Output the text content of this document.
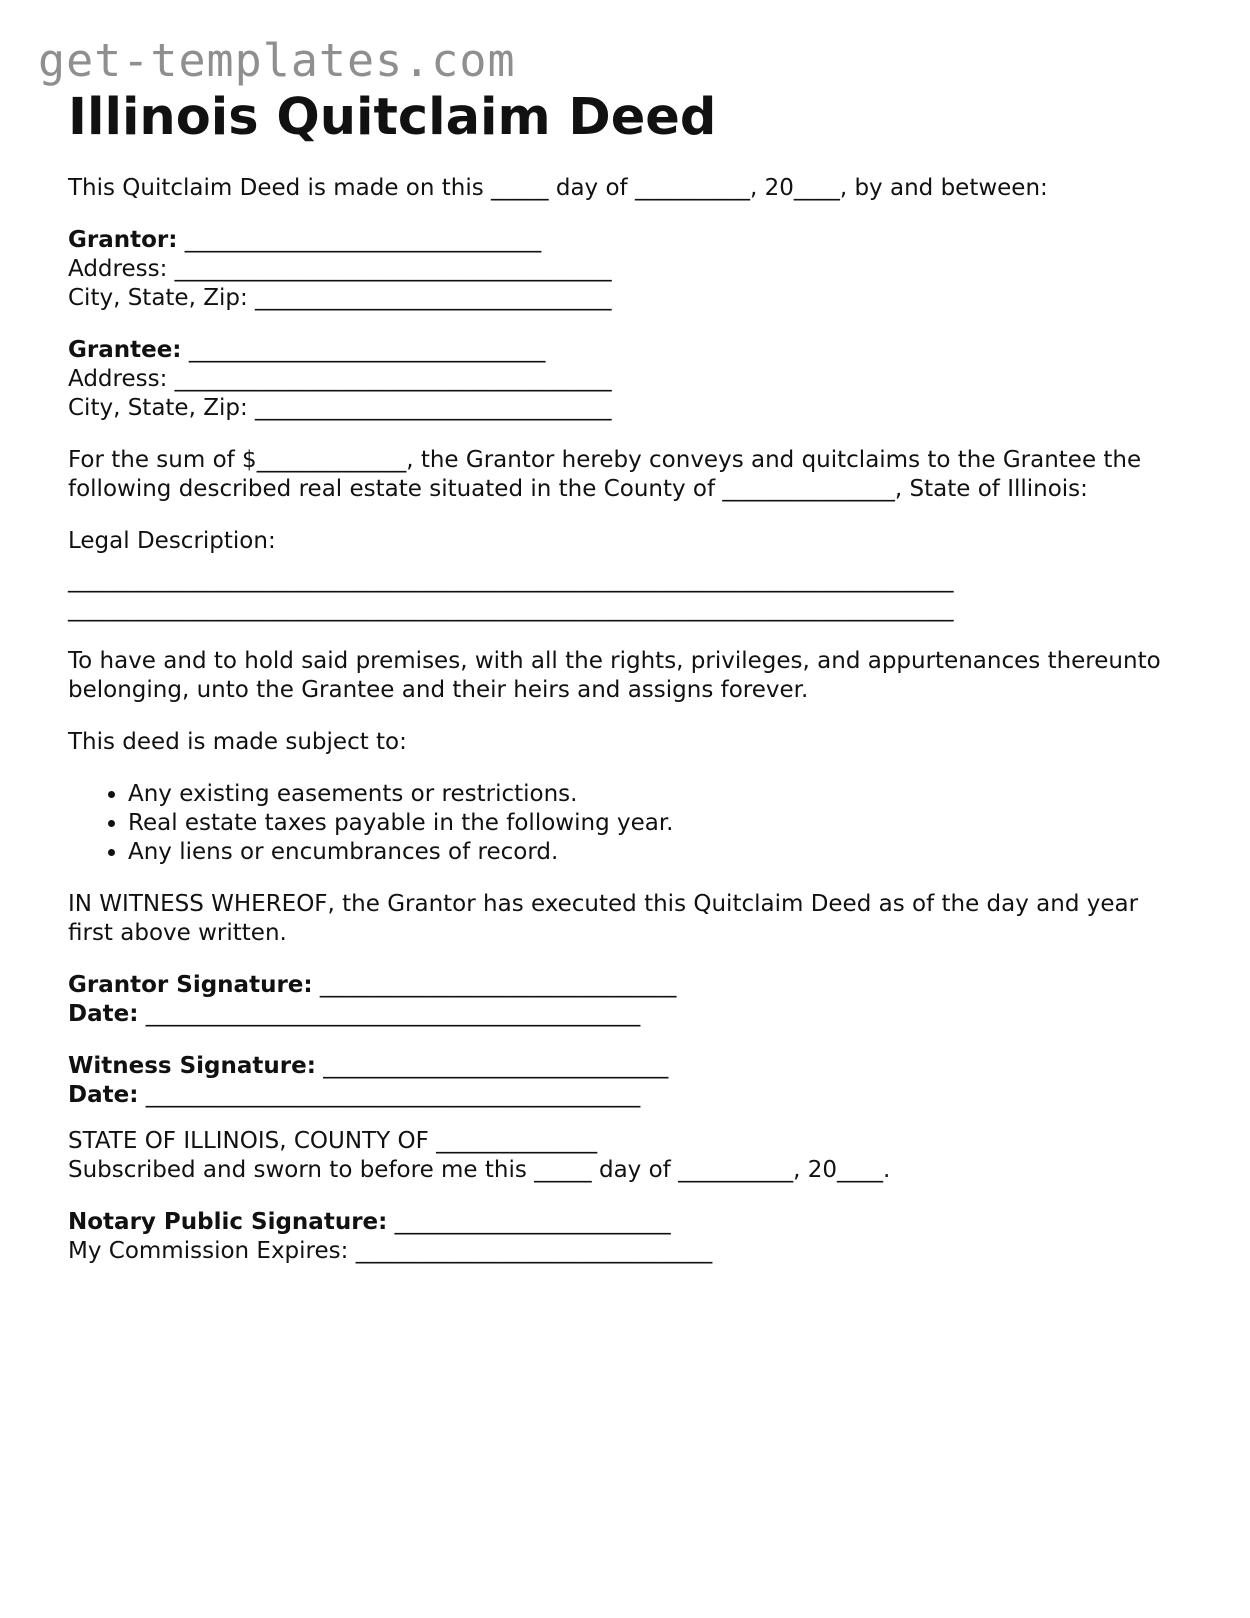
get-templates.com
Illinois Quitclaim Deed

This Quitclaim Deed is made on this _____ day of __________, 20____, by and between:

Grantor: _______________________________
Address: ______________________________________
City, State, Zip: _______________________________

Grantee: _______________________________
Address: ______________________________________
City, State, Zip: _______________________________

For the sum of $_____________, the Grantor hereby conveys and quitclaims to the Grantee the following described real estate situated in the County of _______________, State of Illinois:

Legal Description:
_____________________________________________________________________________
_____________________________________________________________________________

To have and to hold said premises, with all the rights, privileges, and appurtenances thereunto belonging, unto the Grantee and their heirs and assigns forever.

This deed is made subject to:

• Any existing easements or restrictions.
• Real estate taxes payable in the following year.
• Any liens or encumbrances of record.

IN WITNESS WHEREOF, the Grantor has executed this Quitclaim Deed as of the day and year first above written.

Grantor Signature: _______________________________
Date: ___________________________________________

Witness Signature: ______________________________
Date: ___________________________________________

STATE OF ILLINOIS, COUNTY OF ______________
Subscribed and sworn to before me this _____ day of __________, 20____.

Notary Public Signature: ________________________
My Commission Expires: _______________________________
